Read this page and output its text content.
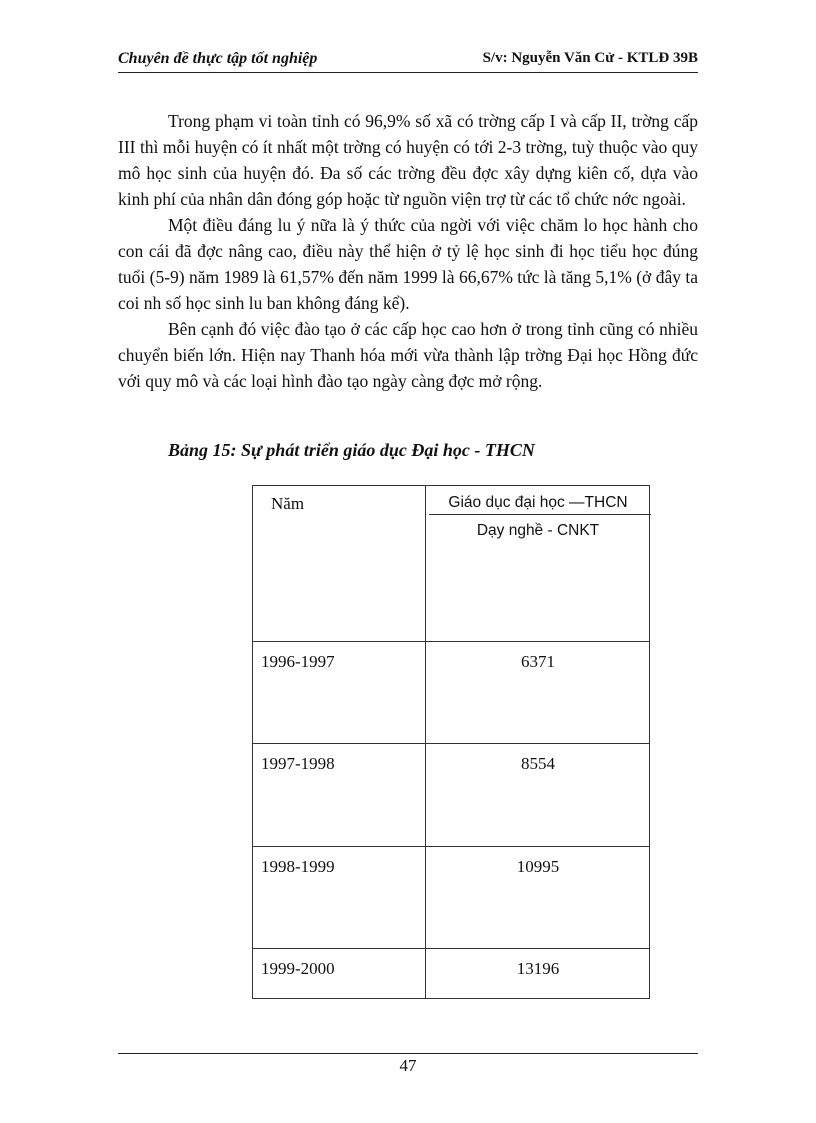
Chuyên đề thực tập tốt nghiệp	S/v: Nguyễn Văn Cử - KTLĐ 39B

Trong phạm vi toàn tỉnh có 96,9% số xã có trờng cấp I và cấp II, trờng cấp III thì mỗi huyện có ít nhất một trờng có huyện có tới 2-3 trờng, tuỳ thuộc vào quy mô học sinh của huyện đó. Đa số các trờng đều đợc xây dựng kiên cố, dựa vào kinh phí của nhân dân đóng góp hoặc từ nguồn viện trợ từ các tổ chức nớc ngoài.

Một điều đáng lu ý nữa là ý thức của ngời với việc chăm lo học hành cho con cái đã đợc nâng cao, điều này thể hiện ở tỷ lệ học sinh đi học tiểu học đúng tuổi (5-9) năm 1989 là 61,57% đến năm 1999 là 66,67% tức là tăng 5,1% (ở đây ta coi nh số học sinh lu ban không đáng kể).

Bên cạnh đó việc đào tạo ở các cấp học cao hơn ở trong tỉnh cũng có nhiều chuyển biến lớn. Hiện nay Thanh hóa mới vừa thành lập trờng Đại học Hồng đức với quy mô và các loại hình đào tạo ngày càng đợc mở rộng.

Bảng 15: Sự phát triển giáo dục Đại học - THCN
Năm	Giáo dục đại học —THCN
Dạy nghề - CNKT
1996-1997	6371
1997-1998	8554
1998-1999	10995
1999-2000	13196
47
